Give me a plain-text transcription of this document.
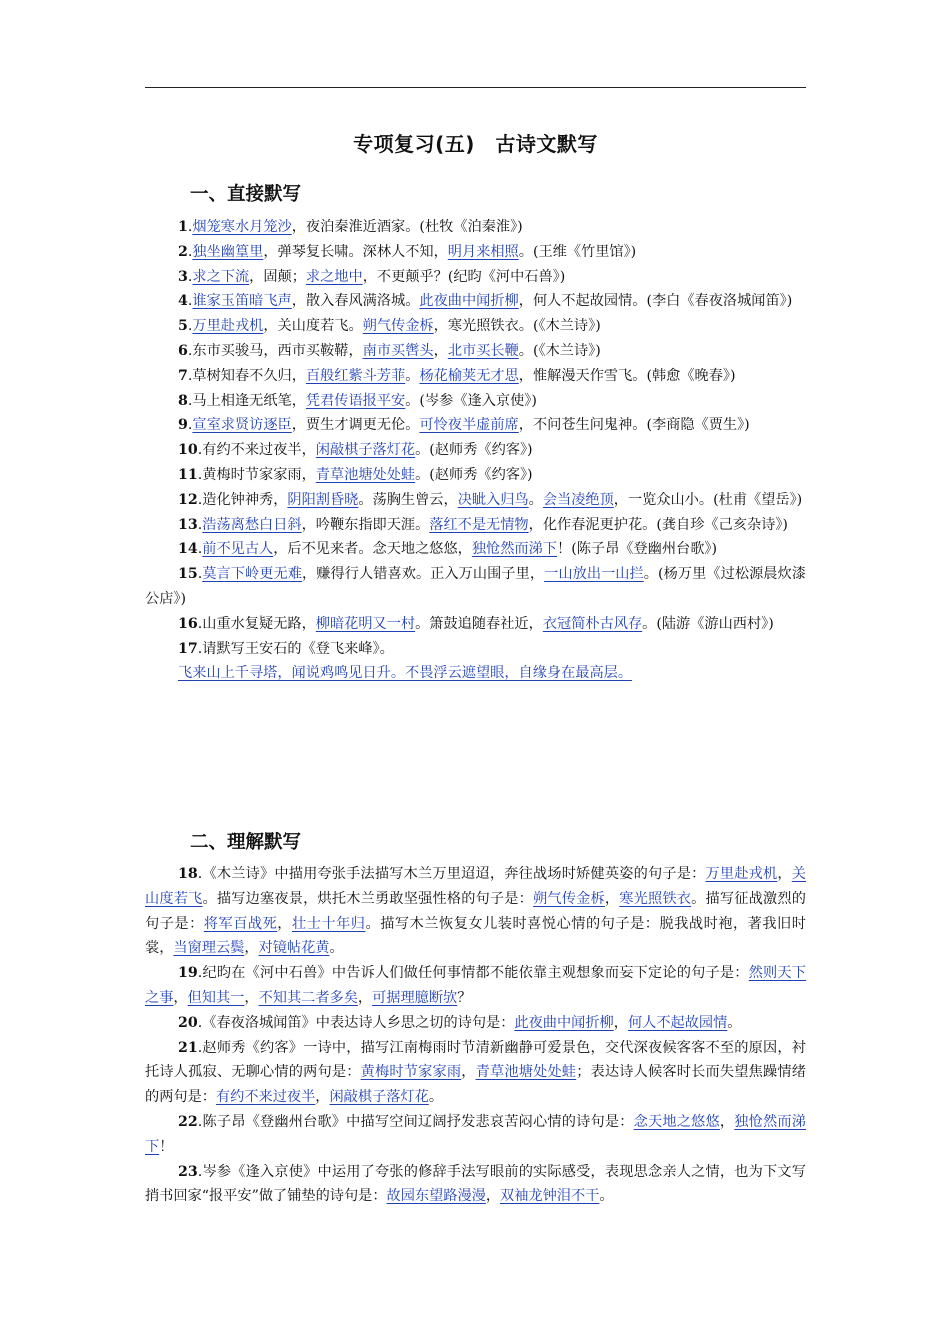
专项复习(五)　古诗文默写
一、直接默写

1.烟笼寒水月笼沙，夜泊秦淮近酒家。(杜牧《泊秦淮》)

2.独坐幽篁里，弹琴复长啸。深林人不知，明月来相照。(王维《竹里馆》)

3.求之下流，固颠；求之地中，不更颠乎？(纪昀《河中石兽》)

4.谁家玉笛暗飞声，散入春风满洛城。此夜曲中闻折柳，何人不起故园情。(李白《春夜洛城闻笛》)

5.万里赴戎机，关山度若飞。朔气传金柝，寒光照铁衣。(《木兰诗》)

6.东市买骏马，西市买鞍鞯，南市买辔头，北市买长鞭。(《木兰诗》)

7.草树知春不久归，百般红紫斗芳菲。杨花榆荚无才思，惟解漫天作雪飞。(韩愈《晚春》)

8.马上相逢无纸笔，凭君传语报平安。(岑参《逢入京使》)

9.宣室求贤访逐臣，贾生才调更无伦。可怜夜半虚前席，不问苍生问鬼神。(李商隐《贾生》)

10.有约不来过夜半，闲敲棋子落灯花。(赵师秀《约客》)

11.黄梅时节家家雨，青草池塘处处蛙。(赵师秀《约客》)

12.造化钟神秀，阴阳割昏晓。荡胸生曾云，决眦入归鸟。会当凌绝顶，一览众山小。(杜甫《望岳》)

13.浩荡离愁白日斜，吟鞭东指即天涯。落红不是无情物，化作春泥更护花。(龚自珍《己亥杂诗》)

14.前不见古人，后不见来者。念天地之悠悠，独怆然而涕下！(陈子昂《登幽州台歌》)

15.莫言下岭更无难，赚得行人错喜欢。正入万山围子里，一山放出一山拦。(杨万里《过松源晨炊漆公店》)

16.山重水复疑无路，柳暗花明又一村。箫鼓追随春社近，衣冠简朴古风存。(陆游《游山西村》)

17.请默写王安石的《登飞来峰》。

飞来山上千寻塔，闻说鸡鸣见日升。不畏浮云遮望眼，自缘身在最高层。

二、理解默写

18.《木兰诗》中描用夸张手法描写木兰万里迢迢，奔往战场时矫健英姿的句子是：万里赴戎机，关山度若飞。描写边塞夜景，烘托木兰勇敢坚强性格的句子是：朔气传金柝，寒光照铁衣。描写征战激烈的句子是：将军百战死，壮士十年归。描写木兰恢复女儿装时喜悦心情的句子是：脱我战时袍，著我旧时裳，当窗理云鬓，对镜帖花黄。

19.纪昀在《河中石兽》中告诉人们做任何事情都不能依靠主观想象而妄下定论的句子是：然则天下之事，但知其一，不知其二者多矣，可据理臆断欤？

20.《春夜洛城闻笛》中表达诗人乡思之切的诗句是：此夜曲中闻折柳，何人不起故园情。

21.赵师秀《约客》一诗中，描写江南梅雨时节清新幽静可爱景色，交代深夜候客客不至的原因，衬托诗人孤寂、无聊心情的两句是：黄梅时节家家雨，青草池塘处处蛙；表达诗人候客时长而失望焦躁情绪的两句是：有约不来过夜半，闲敲棋子落灯花。

22.陈子昂《登幽州台歌》中描写空间辽阔抒发悲哀苦闷心情的诗句是：念天地之悠悠，独怆然而涕下！

23.岑参《逢入京使》中运用了夸张的修辞手法写眼前的实际感受，表现思念亲人之情，也为下文写捎书回家“报平安”做了铺垫的诗句是：故园东望路漫漫，双袖龙钟泪不干。
